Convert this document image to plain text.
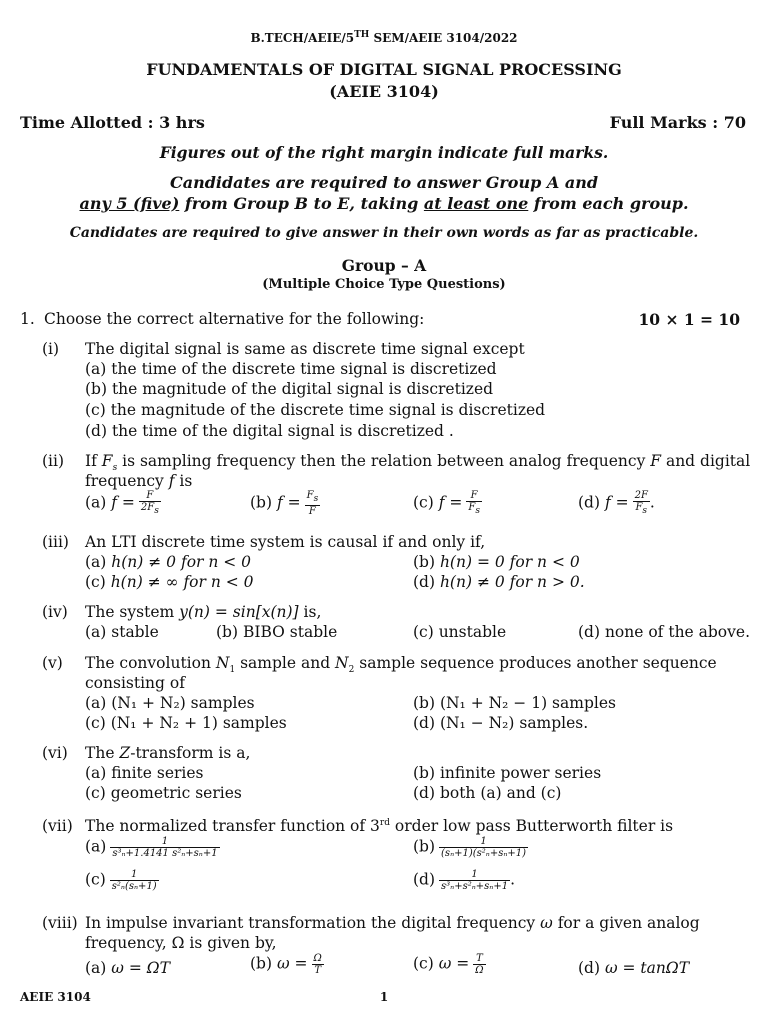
B.TECH/AEIE/5TH SEM/AEIE 3104/2022
FUNDAMENTALS OF DIGITAL SIGNAL PROCESSING
(AEIE 3104)
Time Allotted : 3 hrs	Full Marks : 70
Figures out of the right margin indicate full marks.
Candidates are required to answer Group A and
any 5 (five) from Group B to E, taking at least one from each group.
Candidates are required to give answer in their own words as far as practicable.
Group – A
(Multiple Choice Type Questions)
1. Choose the correct alternative for the following:	10 × 1 = 10
(i) The digital signal is same as discrete time signal except
(a) the time of the discrete time signal is discretized
(b) the magnitude of the digital signal is discretized
(c) the magnitude of the discrete time signal is discretized
(d) the time of the digital signal is discretized .
(ii) If $F_s$ is sampling frequency then the relation between analog frequency F and digital
frequency f is
(a) $f = \frac{F}{2F_s}$	(b) $f = \frac{F_s}{F}$	(c) $f = \frac{F}{F_s}$	(d) $f = \frac{2F}{F_s}$ .
(iii) An LTI discrete time system is causal if and only if,
(a) h(n) ≠ 0 for n < 0	(b) h(n) = 0 for n < 0
(c) h(n) ≠ ∞ for n < 0	(d) h(n) ≠ 0 for n > 0.
(iv) The system y(n) = sin[x(n)] is,
(a) stable	(b) BIBO stable	(c) unstable	(d) none of the above.
(v) The convolution $N_1$ sample and $N_2$ sample sequence produces another sequence
consisting of
(a) (N₁ + N₂) samples	(b) (N₁ + N₂ − 1) samples
(c) (N₁ + N₂ + 1) samples	(d) (N₁ − N₂) samples.
(vi) The Z-transform is a,
(a) finite series	(b) infinite power series
(c) geometric series	(d) both (a) and (c)
(vii) The normalized transfer function of 3rd order low pass Butterworth filter is
$(a) \frac{1}{\text{s³ₙ+1.4141 s²ₙ+sₙ+1}}$	$(b) \frac{1}{\text{(sₙ+1)(s²ₙ+sₙ+1)}}$
$(c) \frac{1}{\text{s²ₙ(sₙ+1)}}$	$(d) \frac{1}{\text{s³ₙ+s²ₙ+sₙ+1}}$ .
(viii) In impulse invariant transformation the digital frequency ω for a given analog
frequency, Ω is given by,
(a) ω = ΩT	(b) $\omega = \frac{\Omega}{T}$	(c) $\omega = \frac{T}{\Omega}$	(d) ω = tanΩT
AEIE 3104	1
